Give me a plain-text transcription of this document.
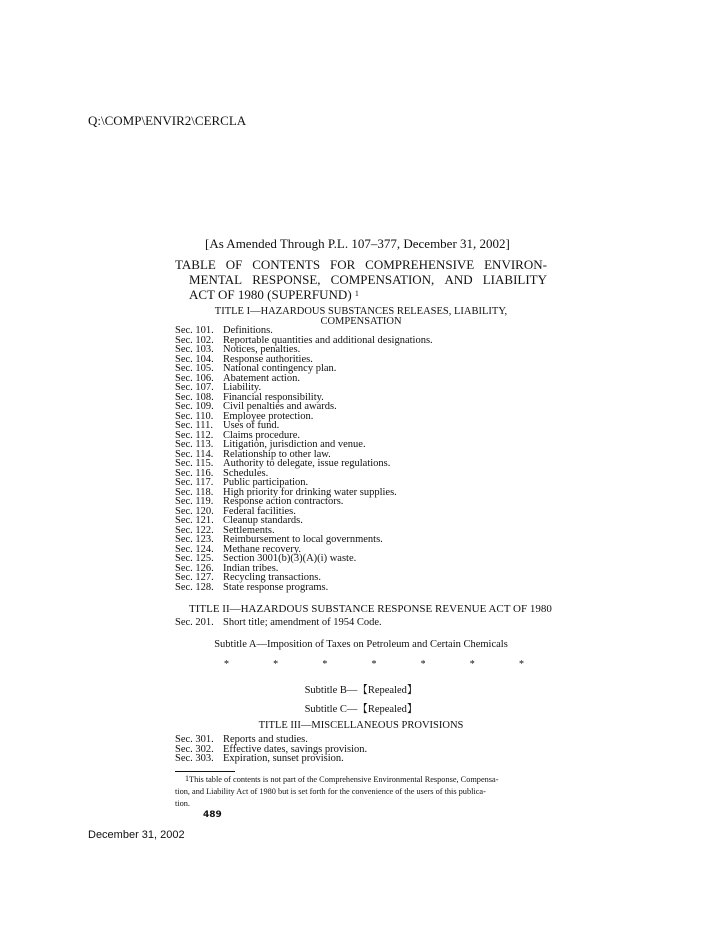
Q:\COMP\ENVIR2\CERCLA
[As Amended Through P.L. 107–377, December 31, 2002]
TABLE OF CONTENTS FOR COMPREHENSIVE ENVIRON-
MENTAL RESPONSE, COMPENSATION, AND LIABILITY
ACT OF 1980 (SUPERFUND) $^1$
TITLE I—HAZARDOUS SUBSTANCES RELEASES, LIABILITY,
COMPENSATION
Sec. 101. Definitions.
Sec. 102. Reportable quantities and additional designations.
Sec. 103. Notices, penalties.
Sec. 104. Response authorities.
Sec. 105. National contingency plan.
Sec. 106. Abatement action.
Sec. 107. Liability.
Sec. 108. Financial responsibility.
Sec. 109. Civil penalties and awards.
Sec. 110. Employee protection.
Sec. 111. Uses of fund.
Sec. 112. Claims procedure.
Sec. 113. Litigation, jurisdiction and venue.
Sec. 114. Relationship to other law.
Sec. 115. Authority to delegate, issue regulations.
Sec. 116. Schedules.
Sec. 117. Public participation.
Sec. 118. High priority for drinking water supplies.
Sec. 119. Response action contractors.
Sec. 120. Federal facilities.
Sec. 121. Cleanup standards.
Sec. 122. Settlements.
Sec. 123. Reimbursement to local governments.
Sec. 124. Methane recovery.
Sec. 125. Section 3001(b)(3)(A)(i) waste.
Sec. 126. Indian tribes.
Sec. 127. Recycling transactions.
Sec. 128. State response programs.
TITLE II—HAZARDOUS SUBSTANCE RESPONSE REVENUE ACT OF 1980
Sec. 201. Short title; amendment of 1954 Code.
Subtitle A—Imposition of Taxes on Petroleum and Certain Chemicals
*	*	*	*	*	*	*
Subtitle B—【Repealed】
Subtitle C—【Repealed】
TITLE III—MISCELLANEOUS PROVISIONS
Sec. 301. Reports and studies.
Sec. 302. Effective dates, savings provision.
Sec. 303. Expiration, sunset provision.
$^1$This table of contents is not part of the Comprehensive Environmental Response, Compensa-
tion, and Liability Act of 1980 but is set forth for the convenience of the users of this publica-
tion.
489
December 31, 2002
